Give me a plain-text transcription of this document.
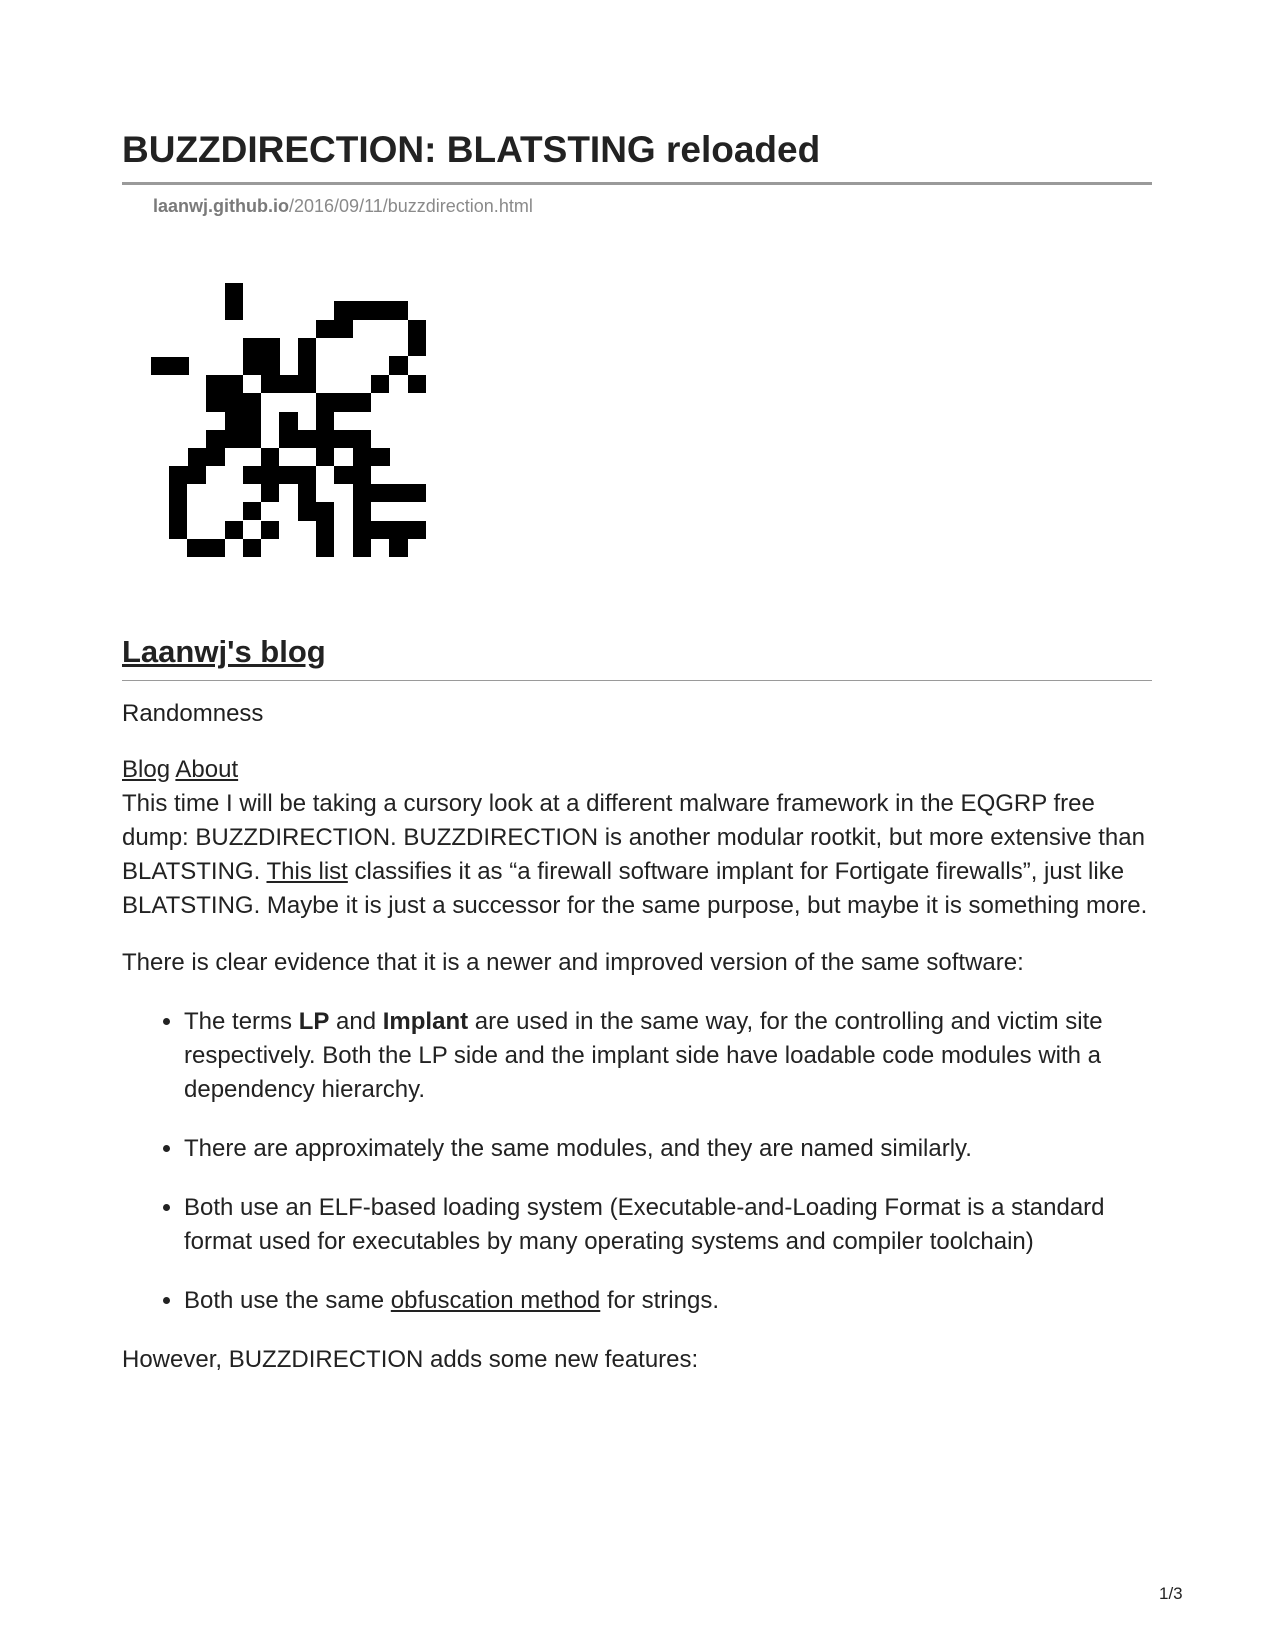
BUZZDIRECTION: BLATSTING reloaded
laanwj.github.io/2016/09/11/buzzdirection.html
Laanwj's blog
Randomness
Blog About

This time I will be taking a cursory look at a different malware framework in the EQGRP free dump: BUZZDIRECTION. BUZZDIRECTION is another modular rootkit, but more extensive than BLATSTING. This list classifies it as “a firewall software implant for Fortigate firewalls”, just like BLATSTING. Maybe it is just a successor for the same purpose, but maybe it is something more.

There is clear evidence that it is a newer and improved version of the same software:

• The terms LP and Implant are used in the same way, for the controlling and victim site respectively. Both the LP side and the implant side have loadable code modules with a dependency hierarchy.
• There are approximately the same modules, and they are named similarly.
• Both use an ELF-based loading system (Executable-and-Loading Format is a standard format used for executables by many operating systems and compiler toolchain)
• Both use the same obfuscation method for strings.

However, BUZZDIRECTION adds some new features:

1/3
